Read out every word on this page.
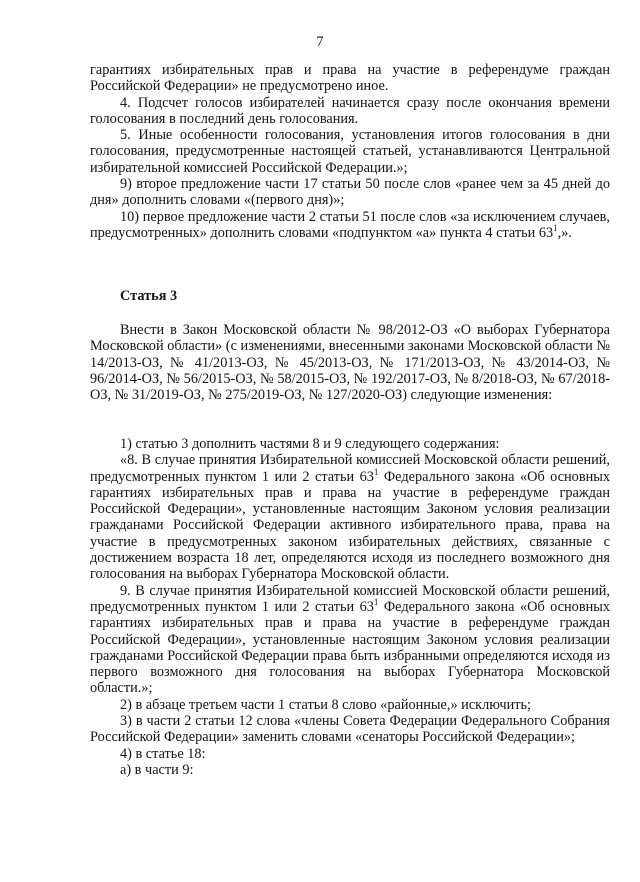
7

гарантиях избирательных прав и права на участие в референдуме граждан Российской Федерации» не предусмотрено иное.

4. Подсчет голосов избирателей начинается сразу после окончания времени голосования в последний день голосования.

5. Иные особенности голосования, установления итогов голосования в дни голосования, предусмотренные настоящей статьей, устанавливаются Центральной избирательной комиссией Российской Федерации.»;

9) второе предложение части 17 статьи 50 после слов «ранее чем за 45 дней до дня» дополнить словами «(первого дня)»;

10) первое предложение части 2 статьи 51 после слов «за исключением случаев, предусмотренных» дополнить словами «подпунктом «а» пункта 4 статьи $63^1$,».

Статья 3

Внести в Закон Московской области № 98/2012-ОЗ «О выборах Губернатора Московской области» (с изменениями, внесенными законами Московской области № 14/2013-ОЗ, № 41/2013-ОЗ, № 45/2013-ОЗ, № 171/2013-ОЗ, № 43/2014-ОЗ, № 96/2014-ОЗ, № 56/2015-ОЗ, № 58/2015-ОЗ, № 192/2017-ОЗ, № 8/2018-ОЗ, № 67/2018-ОЗ, № 31/2019-ОЗ, № 275/2019-ОЗ, № 127/2020-ОЗ) следующие изменения:

1) статью 3 дополнить частями 8 и 9 следующего содержания:

«8. В случае принятия Избирательной комиссией Московской области решений, предусмотренных пунктом 1 или 2 статьи $63^1$ Федерального закона «Об основных гарантиях избирательных прав и права на участие в референдуме граждан Российской Федерации», установленные настоящим Законом условия реализации гражданами Российской Федерации активного избирательного права, права на участие в предусмотренных законом избирательных действиях, связанные с достижением возраста 18 лет, определяются исходя из последнего возможного дня голосования на выборах Губернатора Московской области.

9. В случае принятия Избирательной комиссией Московской области решений, предусмотренных пунктом 1 или 2 статьи $63^1$ Федерального закона «Об основных гарантиях избирательных прав и права на участие в референдуме граждан Российской Федерации», установленные настоящим Законом условия реализации гражданами Российской Федерации права быть избранными определяются исходя из первого возможного дня голосования на выборах Губернатора Московской области.»;

2) в абзаце третьем части 1 статьи 8 слово «районные,» исключить;

3) в части 2 статьи 12 слова «члены Совета Федерации Федерального Собрания Российской Федерации» заменить словами «сенаторы Российской Федерации»;

4) в статье 18:

а) в части 9:
